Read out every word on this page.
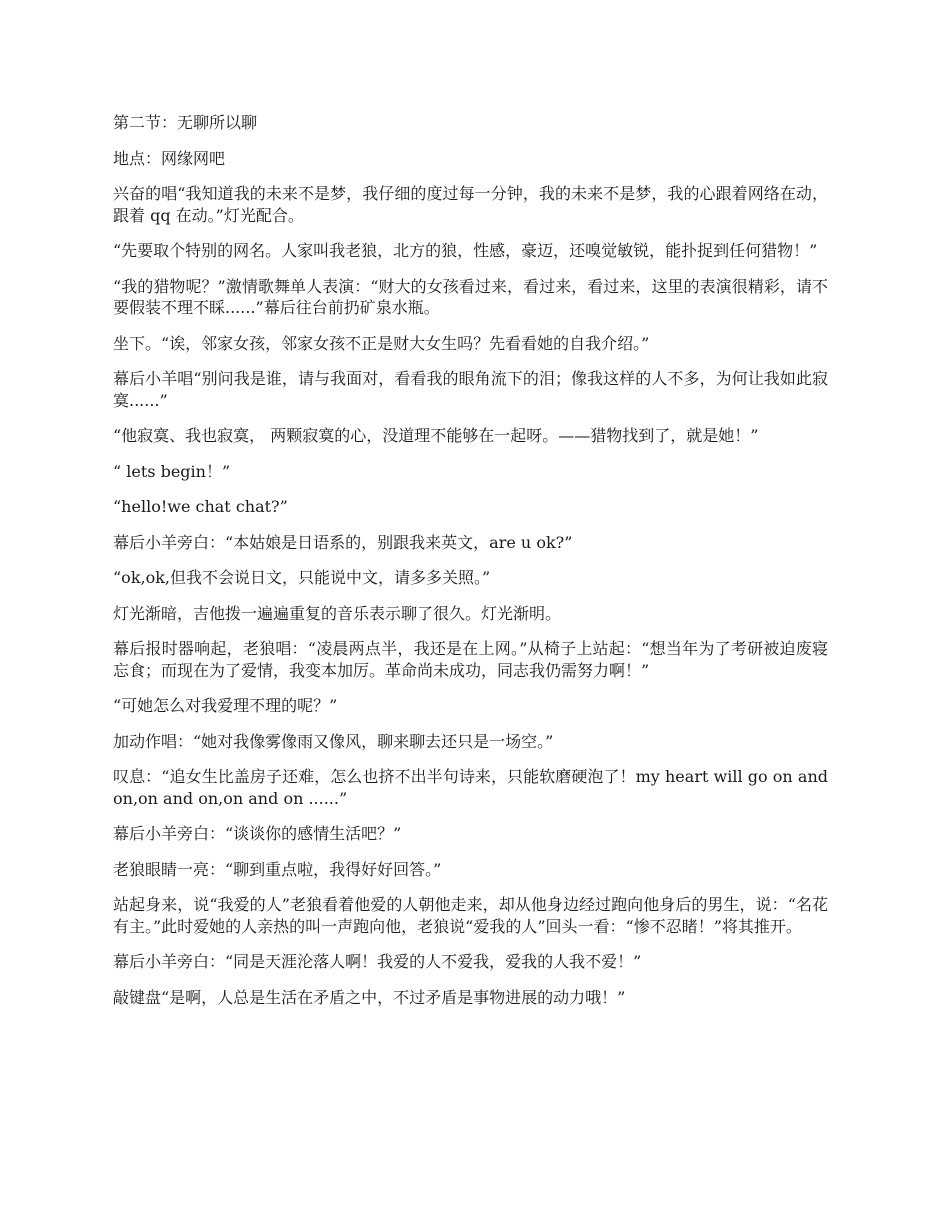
第二节：无聊所以聊

地点：网缘网吧

兴奋的唱“我知道我的未来不是梦，我仔细的度过每一分钟，我的未来不是梦，我的心跟着网络在动，跟着 qq 在动。”灯光配合。

“先要取个特别的网名。人家叫我老狼，北方的狼，性感，豪迈，还嗅觉敏锐，能扑捉到任何猎物！”

“我的猎物呢？”激情歌舞单人表演：“财大的女孩看过来，看过来，看过来，这里的表演很精彩，请不要假装不理不睬......”幕后往台前扔矿泉水瓶。

坐下。“诶，邻家女孩，邻家女孩不正是财大女生吗？先看看她的自我介绍。”

幕后小羊唱“别问我是谁，请与我面对，看看我的眼角流下的泪；像我这样的人不多，为何让我如此寂寞......”

“他寂寞、我也寂寞， 两颗寂寞的心，没道理不能够在一起呀。——猎物找到了，就是她！”

“ lets begin！”

“hello!we chat chat?”

幕后小羊旁白：“本姑娘是日语系的，别跟我来英文，are u ok?”

“ok,ok,但我不会说日文，只能说中文，请多多关照。”

灯光渐暗，吉他拨一遍遍重复的音乐表示聊了很久。灯光渐明。

幕后报时器响起，老狼唱：“凌晨两点半，我还是在上网。”从椅子上站起：“想当年为了考研被迫废寝忘食；而现在为了爱情，我变本加厉。革命尚未成功，同志我仍需努力啊！”

“可她怎么对我爱理不理的呢？”

加动作唱：“她对我像雾像雨又像风，聊来聊去还只是一场空。”

叹息：“追女生比盖房子还难，怎么也挤不出半句诗来，只能软磨硬泡了！my heart will go on and on,on and on,on and on ......”

幕后小羊旁白：“谈谈你的感情生活吧？”

老狼眼睛一亮：“聊到重点啦，我得好好回答。”

站起身来，说“我爱的人”老狼看着他爱的人朝他走来，却从他身边经过跑向他身后的男生，说：“名花有主。”此时爱她的人亲热的叫一声跑向他，老狼说“爱我的人”回头一看：“惨不忍睹！”将其推开。

幕后小羊旁白：“同是天涯沦落人啊！我爱的人不爱我，爱我的人我不爱！”

敲键盘“是啊，人总是生活在矛盾之中，不过矛盾是事物进展的动力哦！”
